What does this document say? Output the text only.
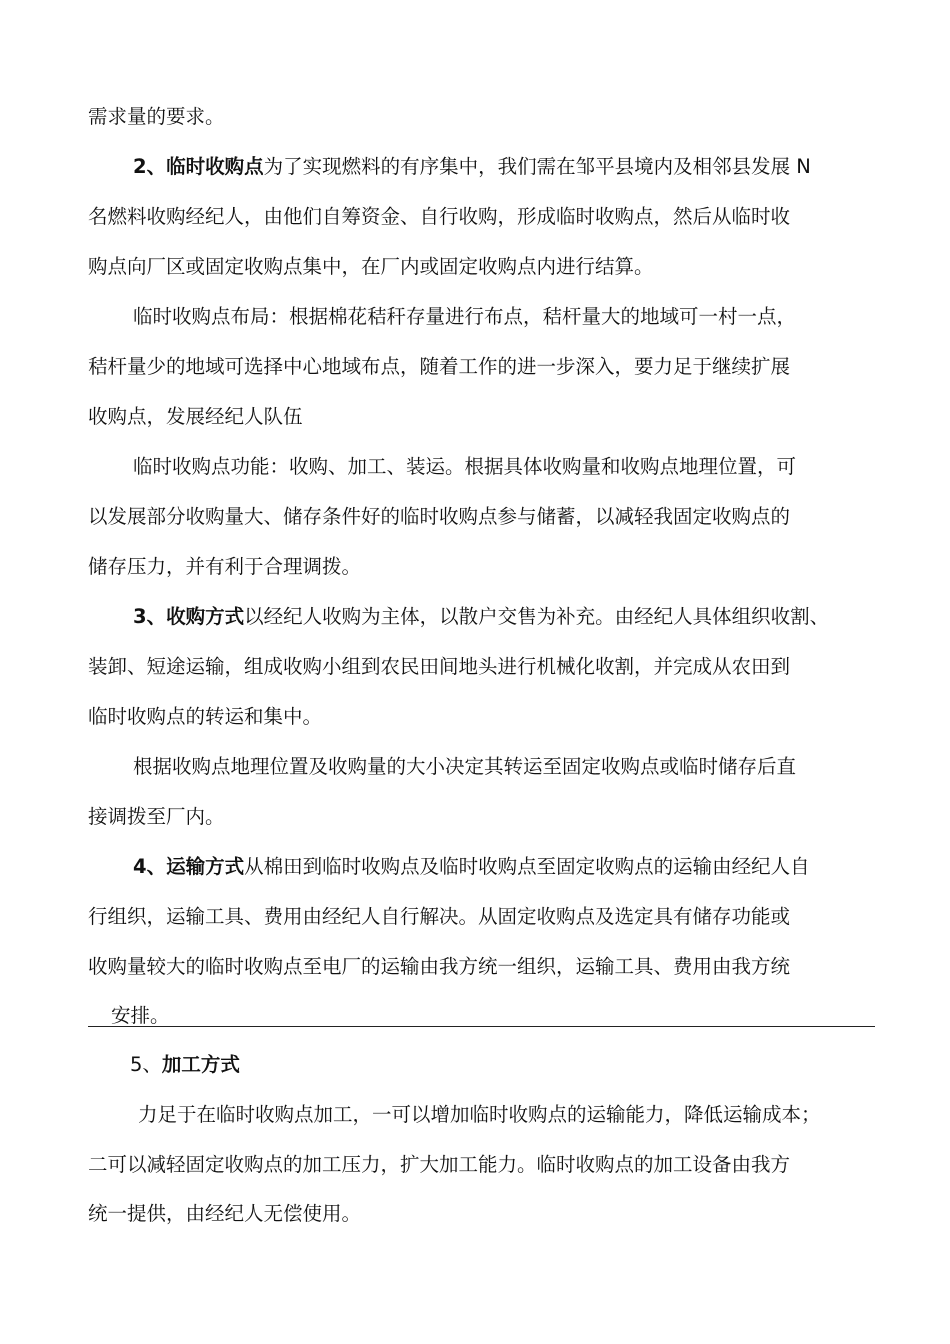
需求量的要求。
2、临时收购点为了实现燃料的有序集中，我们需在邹平县境内及相邻县发展 N
名燃料收购经纪人，由他们自筹资金、自行收购，形成临时收购点，然后从临时收
购点向厂区或固定收购点集中，在厂内或固定收购点内进行结算。
临时收购点布局：根据棉花秸秆存量进行布点，秸杆量大的地域可一村一点，
秸杆量少的地域可选择中心地域布点，随着工作的进一步深入，要力足于继续扩展
收购点，发展经纪人队伍
临时收购点功能：收购、加工、装运。根据具体收购量和收购点地理位置，可
以发展部分收购量大、储存条件好的临时收购点参与储蓄，以减轻我固定收购点的
储存压力，并有利于合理调拨。
3、收购方式以经纪人收购为主体，以散户交售为补充。由经纪人具体组织收割、
装卸、短途运输，组成收购小组到农民田间地头进行机械化收割，并完成从农田到
临时收购点的转运和集中。
根据收购点地理位置及收购量的大小决定其转运至固定收购点或临时储存后直
接调拨至厂内。
4、运输方式从棉田到临时收购点及临时收购点至固定收购点的运输由经纪人自
行组织，运输工具、费用由经纪人自行解决。从固定收购点及选定具有储存功能或
收购量较大的临时收购点至电厂的运输由我方统一组织，运输工具、费用由我方统
安排。
5、加工方式
力足于在临时收购点加工，一可以增加临时收购点的运输能力，降低运输成本；
二可以减轻固定收购点的加工压力，扩大加工能力。临时收购点的加工设备由我方
统一提供，由经纪人无偿使用。
